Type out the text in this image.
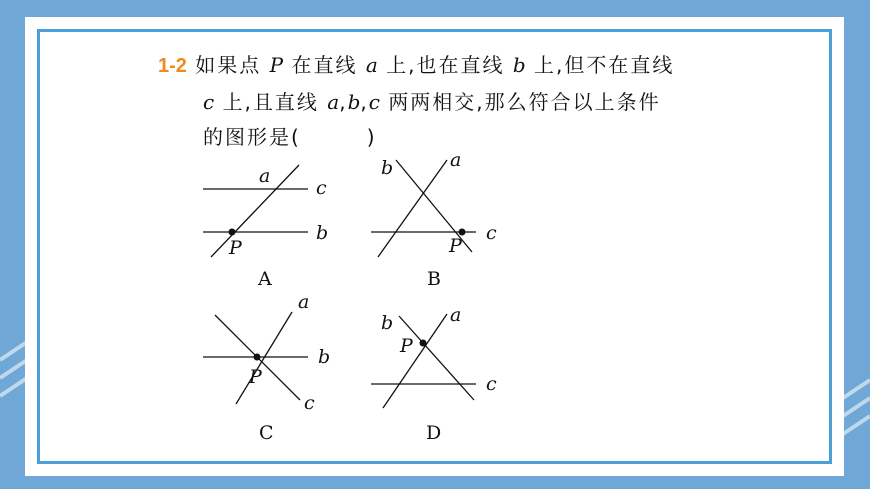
1-2 如果点 P 在直线 a 上,也在直线 b 上,但不在直线
c 上,且直线 a,b,c 两两相交,那么符合以上条件
的图形是(　　　)
a
c
b
P
A
b	a
c
P
B
a
b
P
c
C
b	a
P
c
D
